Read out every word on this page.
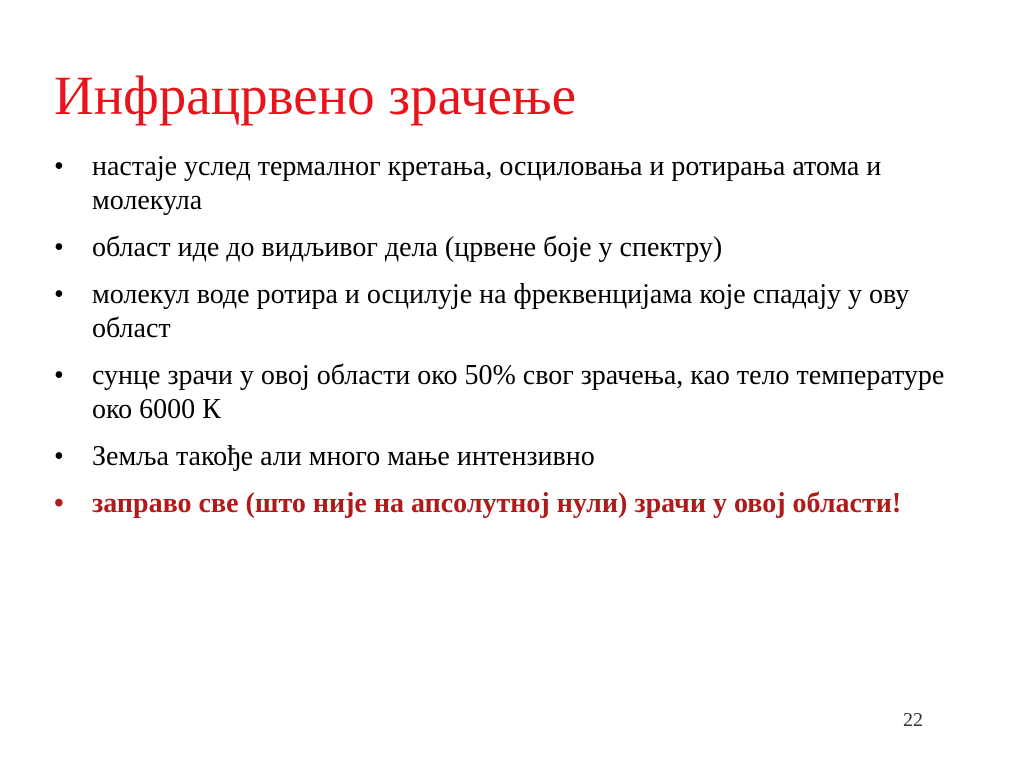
Инфрацрвено зрачење
•	настаје услед термалног кретања, осциловања и ротирања атома и молекула
•	област иде до видљивог дела (црвене боје у спектру)
•	молекул воде ротира и осцилује на фреквенцијама које спадају у ову област
•	сунце зрачи у овој области око 50% свог зрачења, као тело температуре око 6000 К
•	Земља такође али много мање интензивно
•	заправо све (што није на апсолутној нули) зрачи у овој области!
22
